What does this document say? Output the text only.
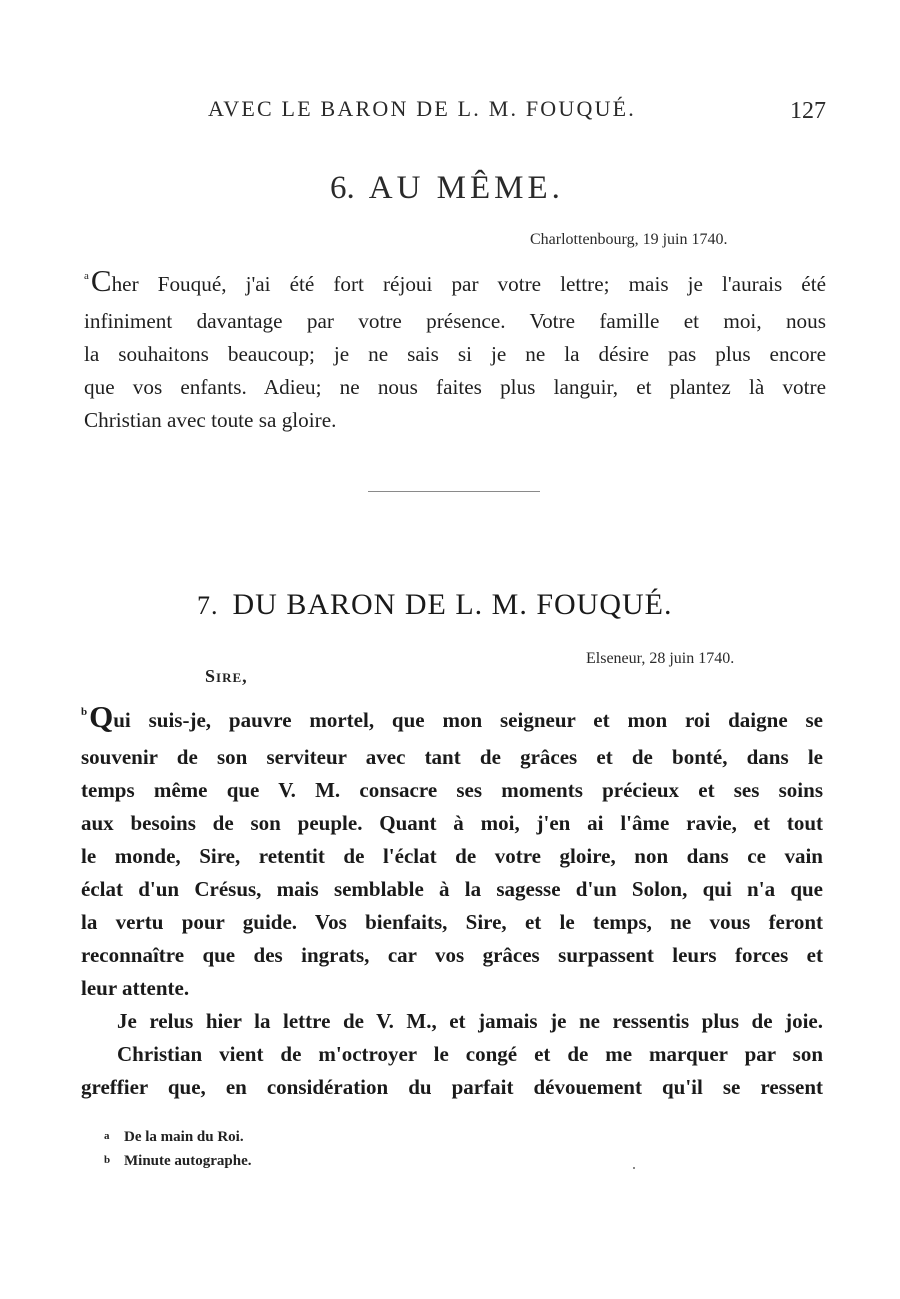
AVEC LE BARON DE L. M. FOUQUÉ.	127
6. AU MÊME.
Charlottenbourg, 19 juin 1740.
$^a$Cher Fouqué, j'ai été fort réjoui par votre lettre; mais je l'aurais été
infiniment davantage par votre présence. Votre famille et moi, nous
la souhaitons beaucoup; je ne sais si je ne la désire pas plus encore
que vos enfants. Adieu; ne nous faites plus languir, et plantez là votre
Christian avec toute sa gloire.
7. DU BARON DE L. M. FOUQUÉ.
Elseneur, 28 juin 1740.
Sire,
$^b$Qui suis-je, pauvre mortel, que mon seigneur et mon roi daigne se
souvenir de son serviteur avec tant de grâces et de bonté, dans le
temps même que V. M. consacre ses moments précieux et ses soins
aux besoins de son peuple. Quant à moi, j'en ai l'âme ravie, et tout
le monde, Sire, retentit de l'éclat de votre gloire, non dans ce vain
éclat d'un Crésus, mais semblable à la sagesse d'un Solon, qui n'a que
la vertu pour guide. Vos bienfaits, Sire, et le temps, ne vous feront
reconnaître que des ingrats, car vos grâces surpassent leurs forces et
leur attente.
Je relus hier la lettre de V. M., et jamais je ne ressentis plus de joie.
Christian vient de m'octroyer le congé et de me marquer par son
greffier que, en considération du parfait dévouement qu'il se ressent
a De la main du Roi.
b Minute autographe.
